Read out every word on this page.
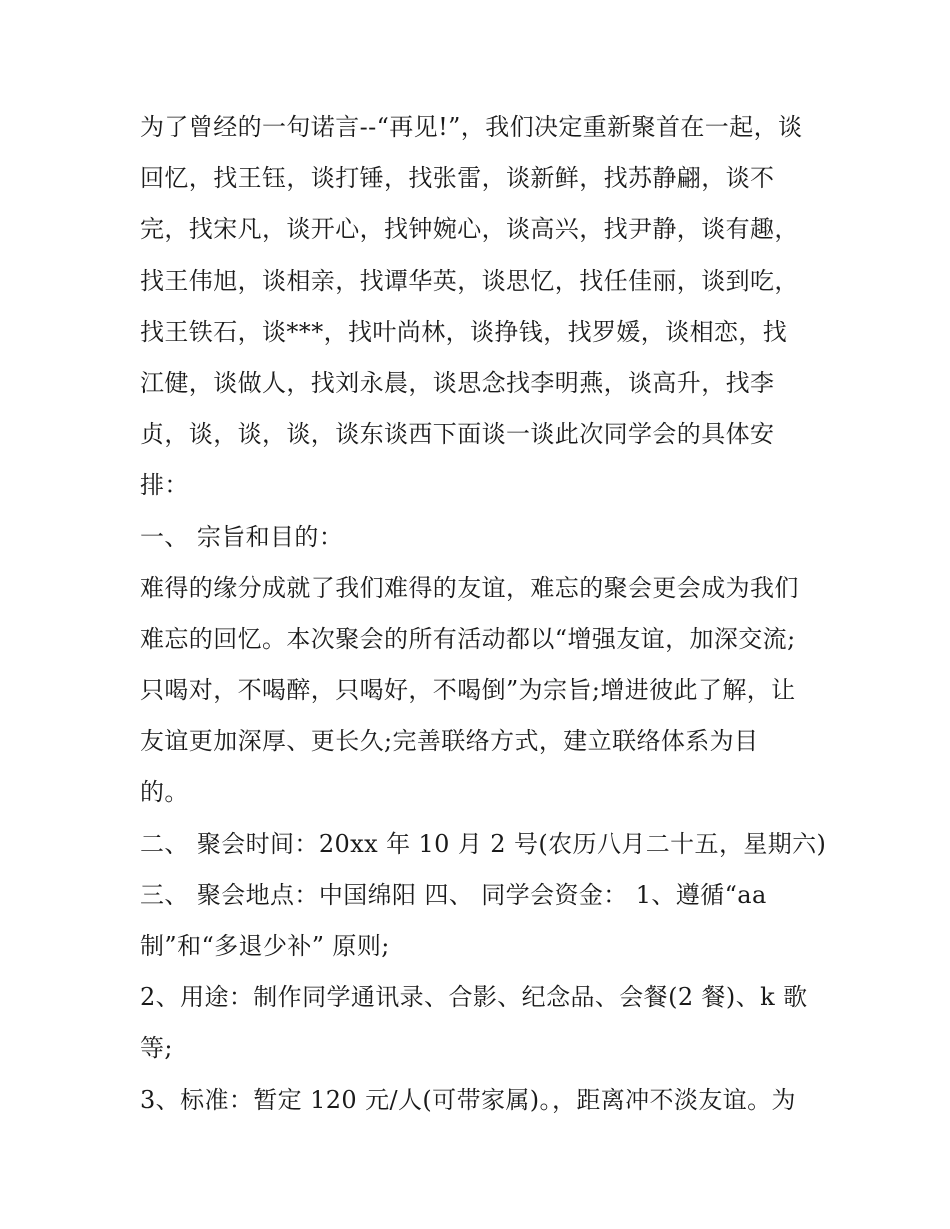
为了曾经的一句诺言--“再见!”，我们决定重新聚首在一起，谈
回忆，找王钰，谈打锤，找张雷，谈新鲜，找苏静翩，谈不
完，找宋凡，谈开心，找钟婉心，谈高兴，找尹静，谈有趣，
找王伟旭，谈相亲，找谭华英，谈思忆，找任佳丽，谈到吃，
找王铁石，谈***，找叶尚林，谈挣钱，找罗媛，谈相恋，找
江健，谈做人，找刘永晨，谈思念找李明燕，谈高升，找李
贞，谈，谈，谈，谈东谈西下面谈一谈此次同学会的具体安
排：
一、 宗旨和目的：
难得的缘分成就了我们难得的友谊，难忘的聚会更会成为我们
难忘的回忆。本次聚会的所有活动都以“增强友谊，加深交流;
只喝对，不喝醉，只喝好，不喝倒”为宗旨;增进彼此了解，让
友谊更加深厚、更长久;完善联络方式，建立联络体系为目
的。
二、 聚会时间：20xx 年 10 月 2 号(农历八月二十五，星期六)
三、 聚会地点：中国绵阳 四、 同学会资金： 1、遵循“aa
制”和“多退少补” 原则;
2、用途：制作同学通讯录、合影、纪念品、会餐(2 餐)、k 歌
等;
3、标准：暂定 120 元/人(可带家属)。，距离冲不淡友谊。为
